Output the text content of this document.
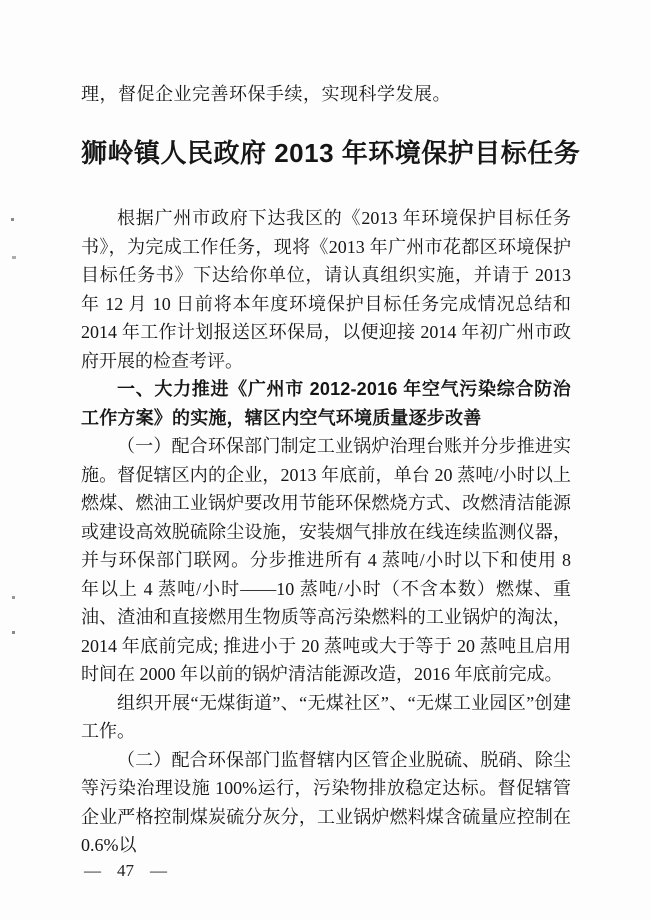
理，督促企业完善环保手续，实现科学发展。
狮岭镇人民政府 2013 年环境保护目标任务

根据广州市政府下达我区的《2013 年环境保护目标任务书》，为完成工作任务，现将《2013 年广州市花都区环境保护目标任务书》下达给你单位，请认真组织实施，并请于 2013 年 12 月 10 日前将本年度环境保护目标任务完成情况总结和 2014 年工作计划报送区环保局，以便迎接 2014 年初广州市政府开展的检查考评。

一、大力推进《广州市 2012-2016 年空气污染综合防治工作方案》的实施，辖区内空气环境质量逐步改善

（一）配合环保部门制定工业锅炉治理台账并分步推进实施。督促辖区内的企业，2013 年底前，单台 20 蒸吨/小时以上燃煤、燃油工业锅炉要改用节能环保燃烧方式、改燃清洁能源或建设高效脱硫除尘设施，安装烟气排放在线连续监测仪器，并与环保部门联网。分步推进所有 4 蒸吨/小时以下和使用 8 年以上 4 蒸吨/小时——10 蒸吨/小时（不含本数）燃煤、重油、渣油和直接燃用生物质等高污染燃料的工业锅炉的淘汰，2014 年底前完成; 推进小于 20 蒸吨或大于等于 20 蒸吨且启用时间在 2000 年以前的锅炉清洁能源改造，2016 年底前完成。

组织开展“无煤街道”、“无煤社区”、“无煤工业园区”创建工作。

（二）配合环保部门监督辖内区管企业脱硫、脱硝、除尘等污染治理设施 100%运行，污染物排放稳定达标。督促辖管企业严格控制煤炭硫分灰分，工业锅炉燃料煤含硫量应控制在 0.6%以

— 47 —
